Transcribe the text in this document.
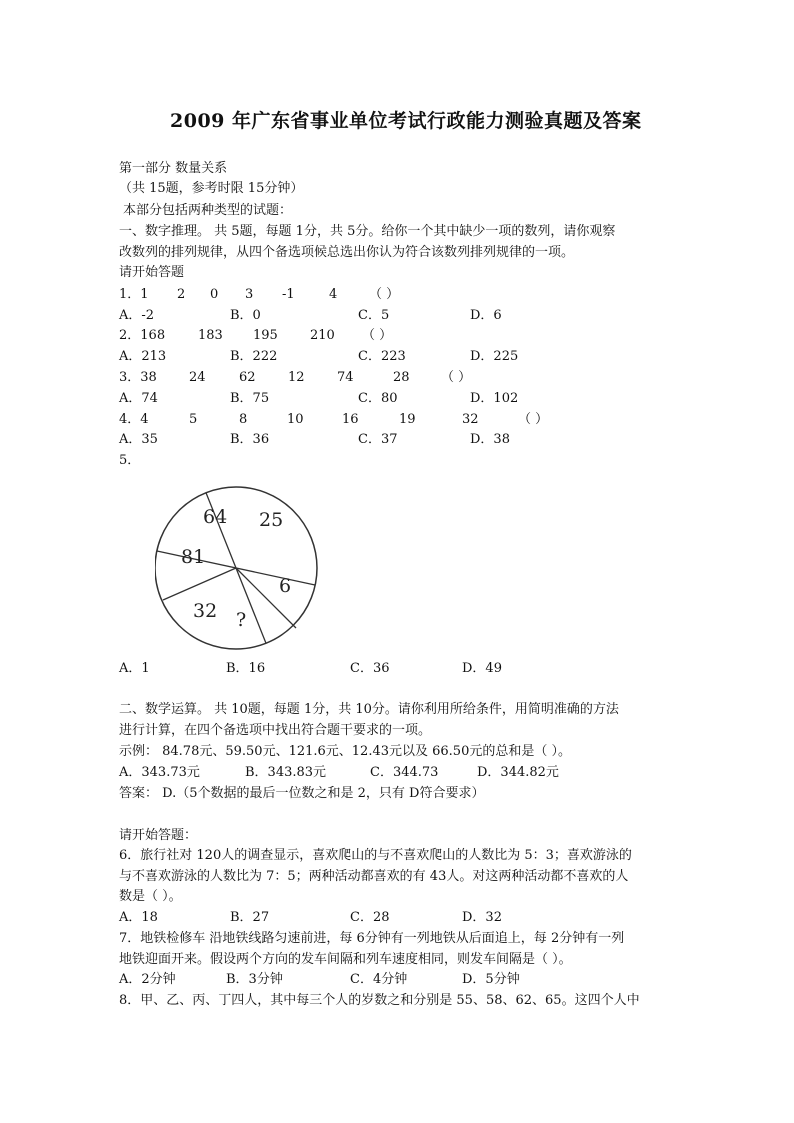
2009 年广东省事业单位考试行政能力测验真题及答案
第一部分 数量关系
（共 15题，参考时限 15分钟）
本部分包括两种类型的试题：
一、数字推理。 共 5题，每题 1分，共 5分。给你一个其中缺少一项的数列，请你观察
改数列的排列规律，从四个备选项候总选出你认为符合该数列排列规律的一项。
请开始答题
1．1 2 0 3 -1	4 （ ）
A．-2	B．0	C．5	D．6
2．168	183 195 210 （ ）
A．213	B．222	C．223	D．225
3．38 24	62 12 74	28 （ ）
A．74	B．75	C．80	D．102
4．4	5	8	10	16	19	32	（ ）
A．35	B．36	C．37	D．38
5．
64 25
81
6
32 ?
A．1	B．16	C．36	D．49
二、数学运算。 共 10题，每题 1分，共 10分。请你利用所给条件，用简明准确的方法
进行计算，在四个备选项中找出符合题干要求的一项。
示例： 84.78元、59.50元、121.6元、12.43元以及 66.50元的总和是（ ）。
A．343.73元	B．343.83元	C．344.73	D．344.82元
答案： D.（5个数据的最后一位数之和是 2，只有 D符合要求）
请开始答题：
6．旅行社对 120人的调查显示，喜欢爬山的与不喜欢爬山的人数比为 5：3；喜欢游泳的
与不喜欢游泳的人数比为 7：5；两种活动都喜欢的有 43人。对这两种活动都不喜欢的人
数是（ ）。
A．18	B．27	C．28	D．32
7．地铁检修车 沿地铁线路匀速前进，每 6分钟有一列地铁从后面追上，每 2分钟有一列
地铁迎面开来。假设两个方向的发车间隔和列车速度相同，则发车间隔是（ ）。
A．2分钟	B．3分钟	C．4分钟	D．5分钟
8．甲、乙、丙、丁四人，其中每三个人的岁数之和分别是 55、58、62、65。这四个人中
